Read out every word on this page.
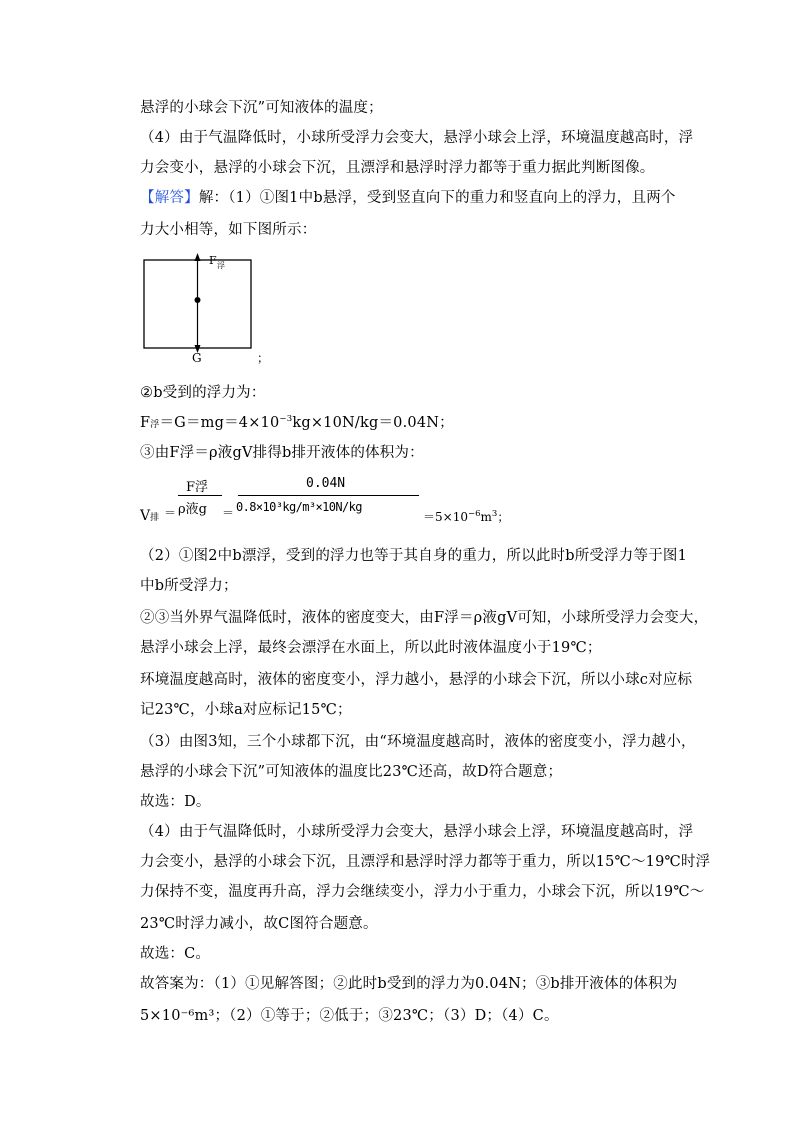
悬浮的小球会下沉”可知液体的温度；
（4）由于气温降低时，小球所受浮力会变大，悬浮小球会上浮，环境温度越高时，浮
力会变小，悬浮的小球会下沉，且漂浮和悬浮时浮力都等于重力据此判断图像。
【解答】解：（1）①图1中b悬浮，受到竖直向下的重力和竖直向上的浮力，且两个
力大小相等，如下图所示：
F 浮
G	；
②b受到的浮力为：
F浮$=G=mg=4\times 10^{-3}kg\times 10N/kg=0.04N$；
③由F浮＝ρ液gV排得b排开液体的体积为：
V排 ＝
F浮
ρ液g ＝
0.04N
0.8×10³kg/m³×10N/kg
$=5\times 10^{-6}m^3$；
（2）①图2中b漂浮，受到的浮力也等于其自身的重力，所以此时b所受浮力等于图1
中b所受浮力；
②③当外界气温降低时，液体的密度变大，由F浮＝ρ液gV可知，小球所受浮力会变大，
悬浮小球会上浮，最终会漂浮在水面上，所以此时液体温度小于19℃；
环境温度越高时，液体的密度变小，浮力越小，悬浮的小球会下沉，所以小球c对应标
记23℃，小球a对应标记15℃；
（3）由图3知，三个小球都下沉，由“环境温度越高时，液体的密度变小，浮力越小，
悬浮的小球会下沉”可知液体的温度比23℃还高，故D符合题意；
故选：D。
（4）由于气温降低时，小球所受浮力会变大，悬浮小球会上浮，环境温度越高时，浮
力会变小，悬浮的小球会下沉，且漂浮和悬浮时浮力都等于重力，所以15℃～19℃时浮
力保持不变，温度再升高，浮力会继续变小，浮力小于重力，小球会下沉，所以19℃～
23℃时浮力减小，故C图符合题意。
故选：C。
故答案为：（1）①见解答图；②此时b受到的浮力为0.04N；③b排开液体的体积为
5×10⁻⁶m³；（2）①等于；②低于；③23℃；（3）D；（4）C。
